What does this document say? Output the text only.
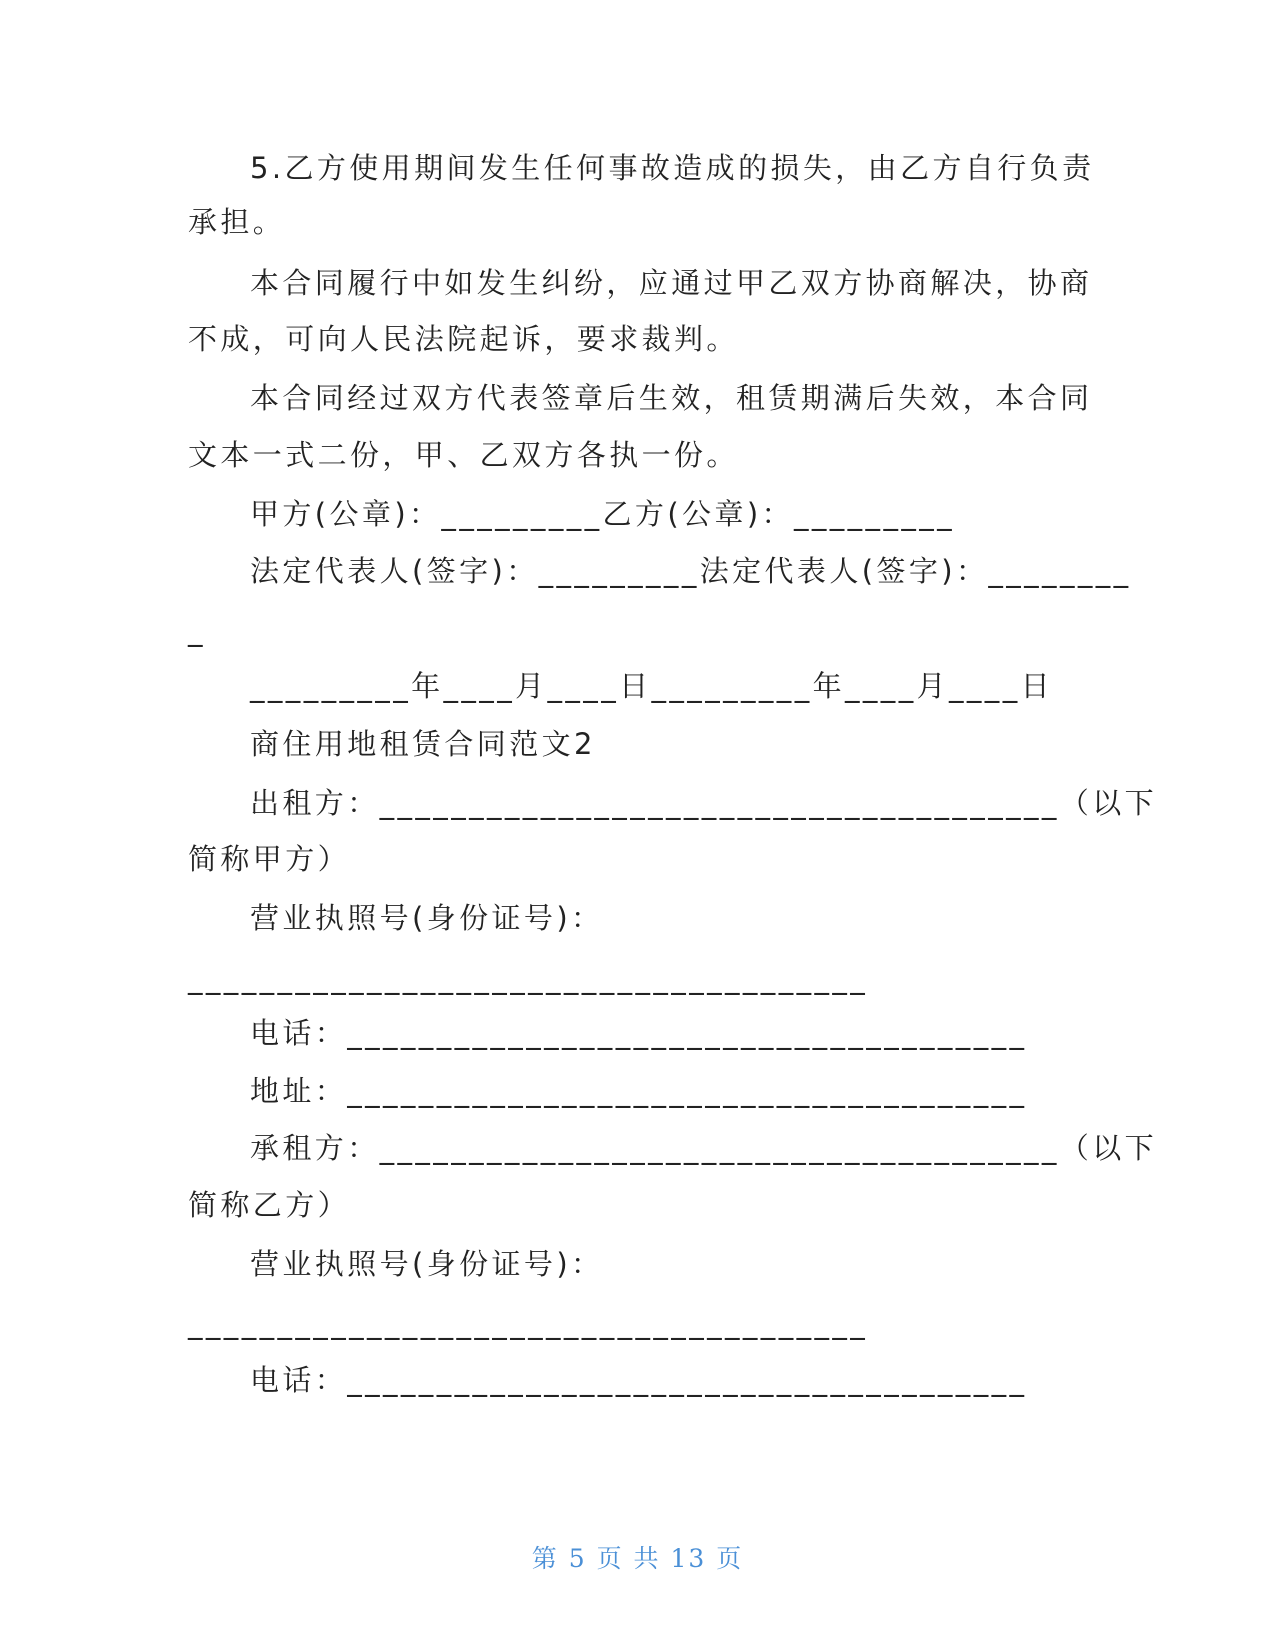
5.乙方使用期间发生任何事故造成的损失，由乙方自行负责
承担。
本合同履行中如发生纠纷，应通过甲乙双方协商解决，协商
不成，可向人民法院起诉，要求裁判。
本合同经过双方代表签章后生效，租赁期满后失效，本合同
文本一式二份，甲、乙双方各执一份。
甲方(公章)：_________乙方(公章)：_________
法定代表人(签字)：_________法定代表人(签字)：________
_
_________年____月____日_________年____月____日
商住用地租赁合同范文2
出租方：______________________________________（以下
简称甲方）
营业执照号(身份证号)：
______________________________________
电话：______________________________________
地址：______________________________________
承租方：______________________________________（以下
简称乙方）
营业执照号(身份证号)：
______________________________________
电话：______________________________________
第 5 页 共 13 页
